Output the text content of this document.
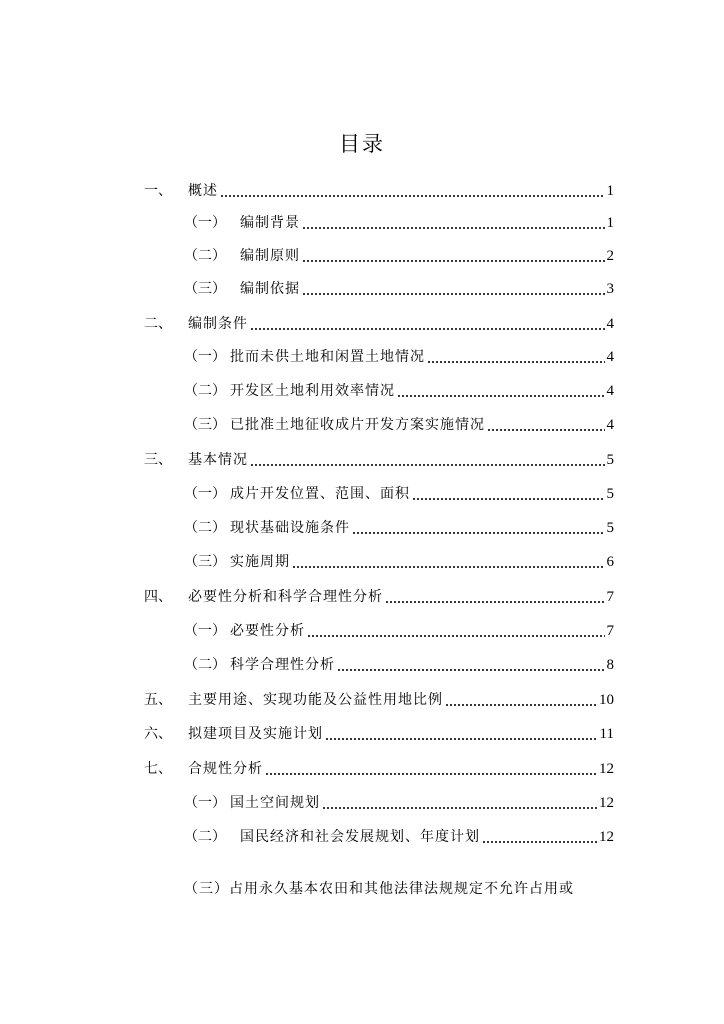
目录
一、	概述	1
（一） 编制背景	1
（二） 编制原则	2
（三） 编制依据	3
二、	编制条件	4
（一） 批而未供土地和闲置土地情况	4
（二） 开发区土地利用效率情况	4
（三） 已批准土地征收成片开发方案实施情况	4
三、	基本情况	5
（一） 成片开发位置、范围、面积	5
（二） 现状基础设施条件	5
（三） 实施周期	6
四、	必要性分析和科学合理性分析	7
（一） 必要性分析	7
（二） 科学合理性分析	8
五、	主要用途、实现功能及公益性用地比例	10
六、	拟建项目及实施计划	11
七、	合规性分析	12
（一） 国土空间规划	12
（二） 国民经济和社会发展规划、年度计划	12
（三）占用永久基本农田和其他法律法规规定不允许占用或
